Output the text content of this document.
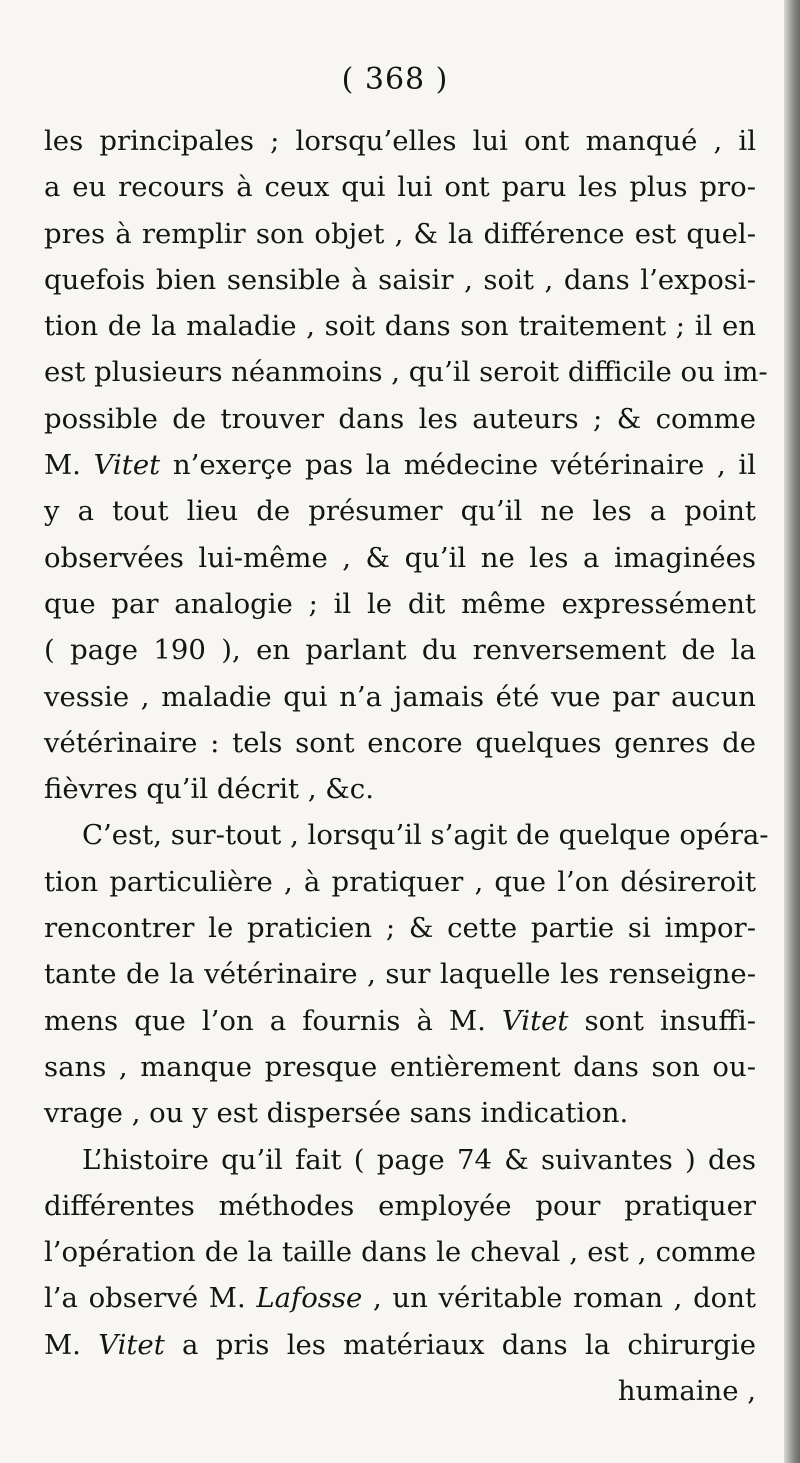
( 368 )
les principales ; lorsqu’elles lui ont manqué , il
a eu recours à ceux qui lui ont paru les plus pro-
pres à remplir son objet , & la différence est quel-
quefois bien sensible à saisir , soit , dans l’exposi-
tion de la maladie , soit dans son traitement ; il en
est plusieurs néanmoins , qu’il seroit difficile ou im-
possible de trouver dans les auteurs ; & comme
M. Vitet n’exerçe pas la médecine vétérinaire , il
y a tout lieu de présumer qu’il ne les a point
observées lui-même , & qu’il ne les a imaginées
que par analogie ; il le dit même expressément
( page 190 ), en parlant du renversement de la
vessie , maladie qui n’a jamais été vue par aucun
vétérinaire : tels sont encore quelques genres de
fièvres qu’il décrit , &c.
C’est, sur-tout , lorsqu’il s’agit de quelque opéra-
tion particulière , à pratiquer , que l’on désireroit
rencontrer le praticien ; & cette partie si impor-
tante de la vétérinaire , sur laquelle les renseigne-
mens que l’on a fournis à M. Vitet sont insuffi-
sans , manque presque entièrement dans son ou-
vrage , ou y est dispersée sans indication.
L’histoire qu’il fait ( page 74 & suivantes ) des
différentes méthodes employée pour pratiquer
l’opération de la taille dans le cheval , est , comme
l’a observé M. Lafosse , un véritable roman , dont
M. Vitet a pris les matériaux dans la chirurgie
humaine ,
